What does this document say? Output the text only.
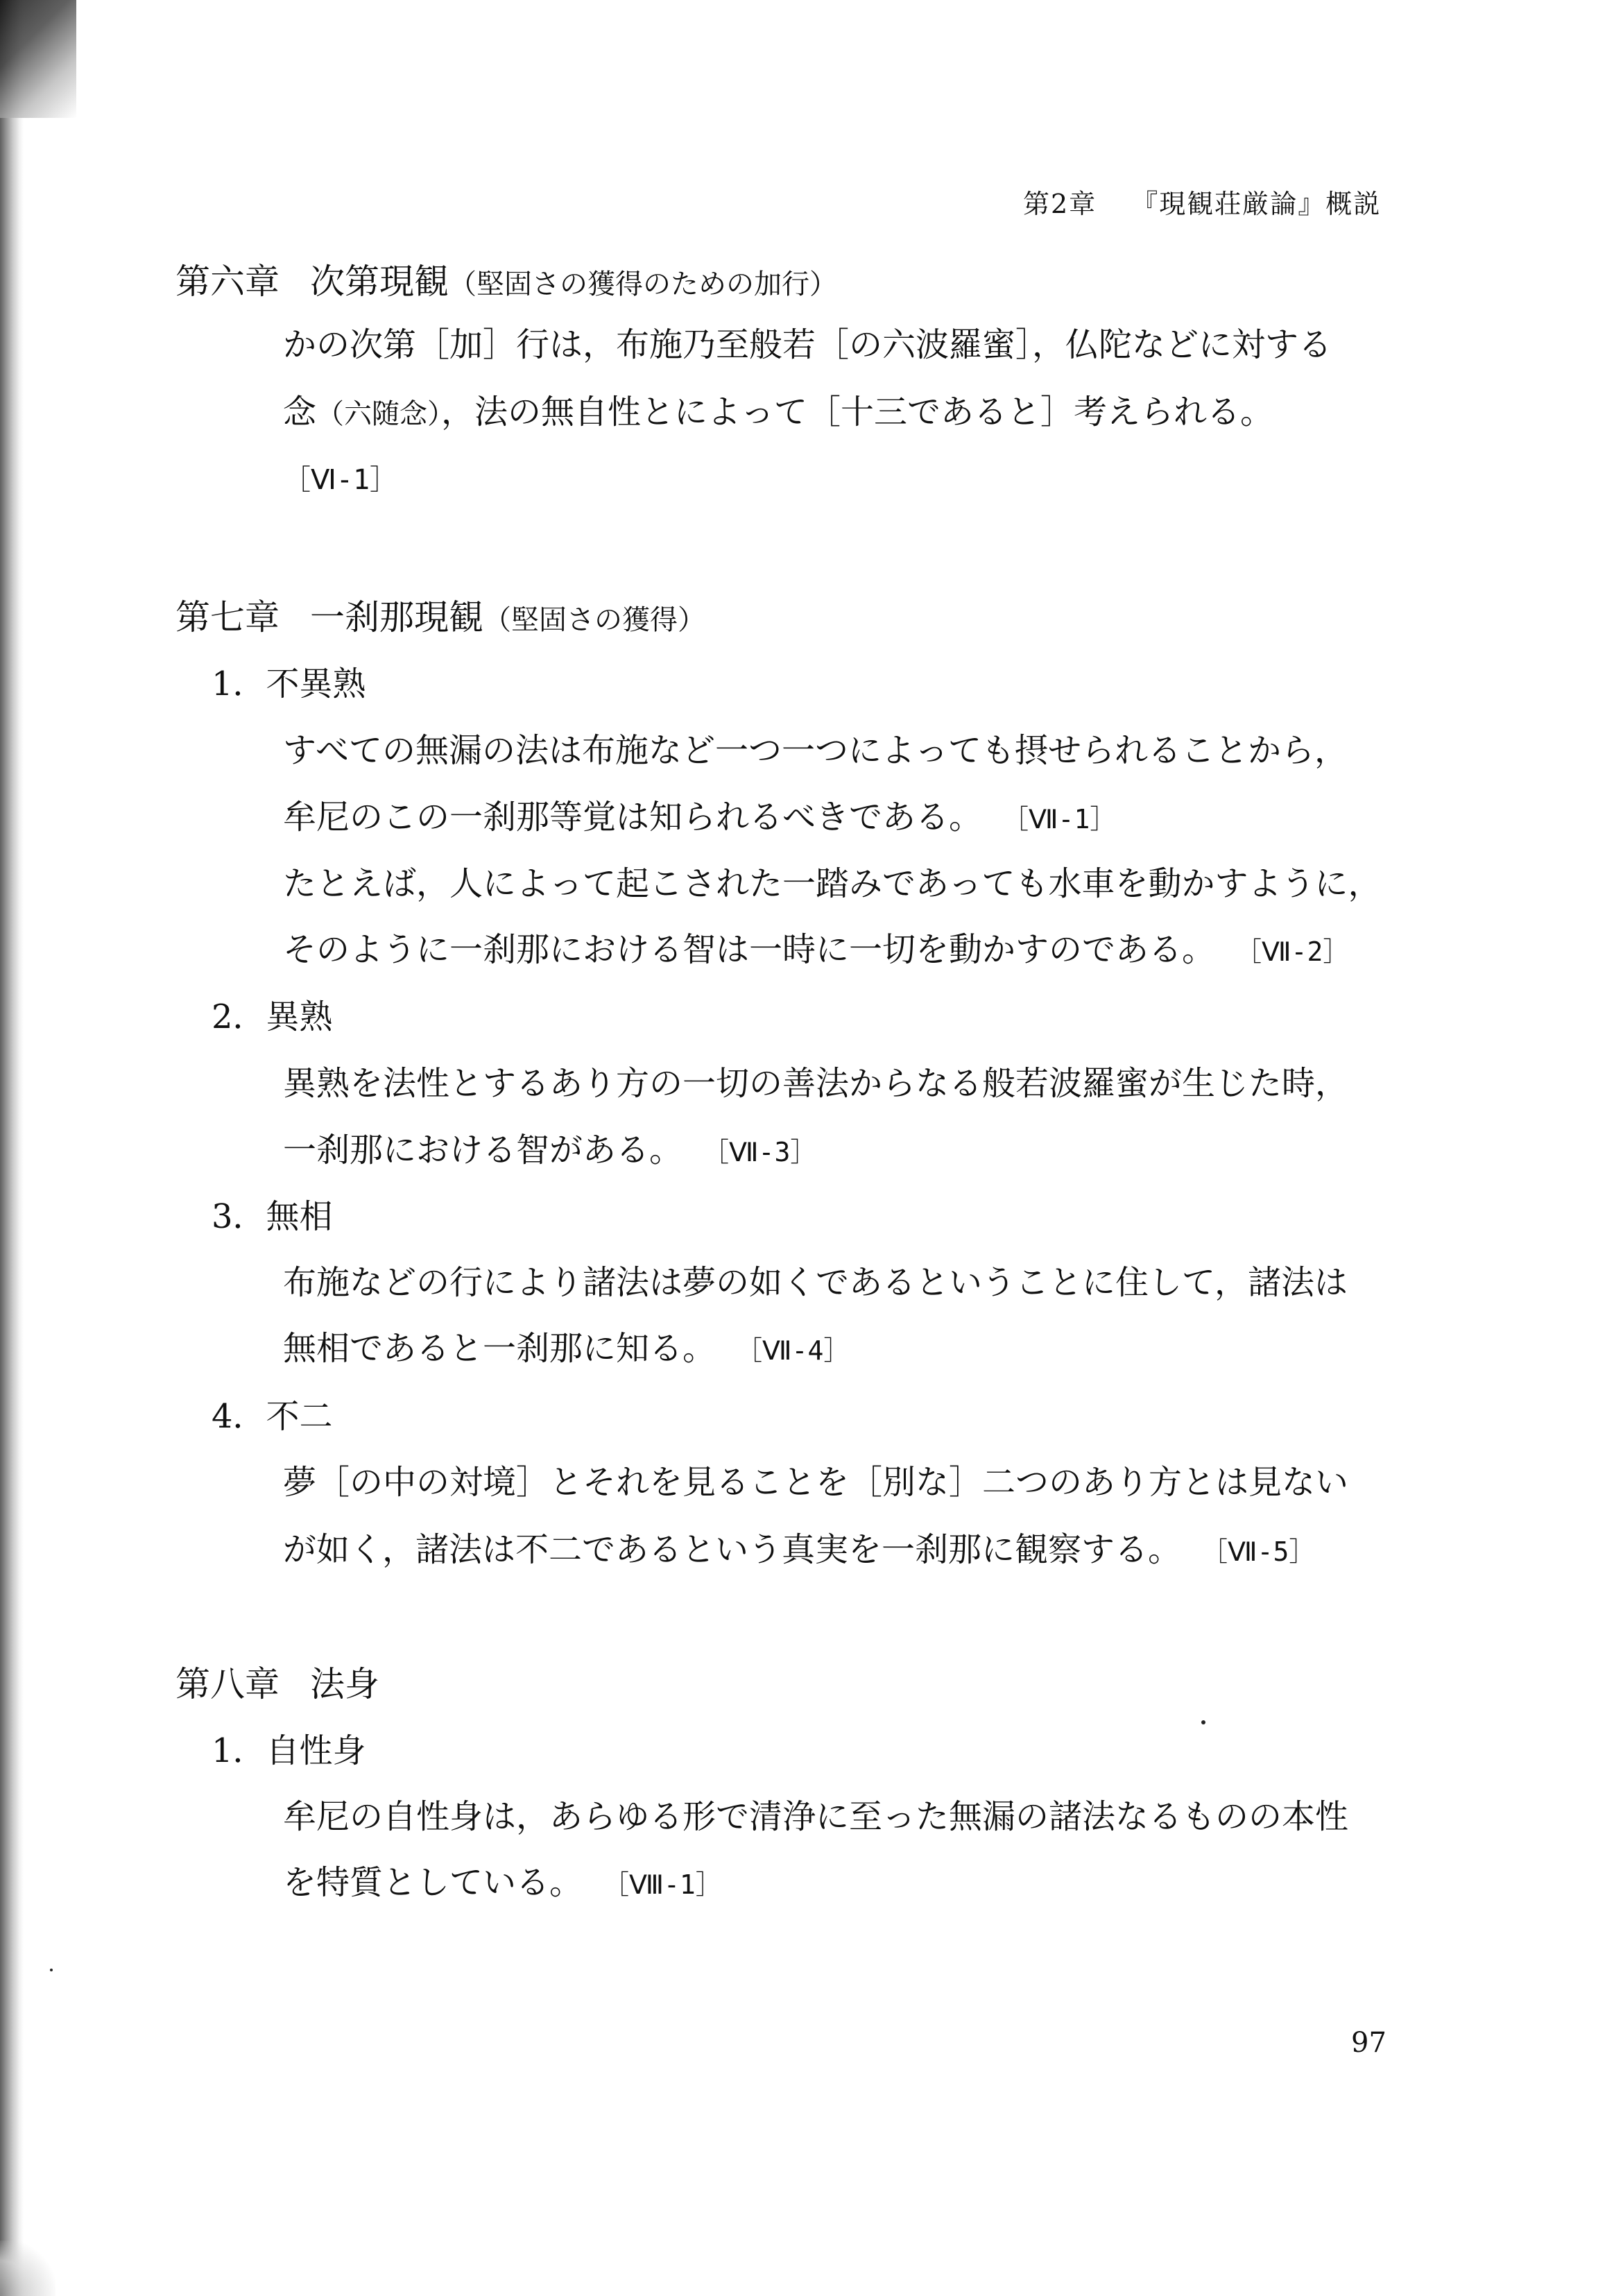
第2章 『現観荘厳論』概説
第六章 次第現観（堅固さの獲得のための加行）
かの次第［加］行は，布施乃至般若［の六波羅蜜］，仏陀などに対する
念（六随念），法の無自性とによって［十三であると］考えられる。
［Ⅵ-1］
第七章 一刹那現観（堅固さの獲得）
1．不異熟
すべての無漏の法は布施など一つ一つによっても摂せられることから，
牟尼のこの一刹那等覚は知られるべきである。 ［Ⅶ-1］
たとえば，人によって起こされた一踏みであっても水車を動かすように，
そのように一刹那における智は一時に一切を動かすのである。 ［Ⅶ-2］
2．異熟
異熟を法性とするあり方の一切の善法からなる般若波羅蜜が生じた時，
一刹那における智がある。 ［Ⅶ-3］
3．無相
布施などの行により諸法は夢の如くであるということに住して，諸法は
無相であると一刹那に知る。 ［Ⅶ-4］
4．不二
夢［の中の対境］とそれを見ることを［別な］二つのあり方とは見ない
が如く，諸法は不二であるという真実を一刹那に観察する。 ［Ⅶ-5］
第八章 法身
1．自性身
牟尼の自性身は，あらゆる形で清浄に至った無漏の諸法なるものの本性
を特質としている。 ［Ⅷ-1］
97
